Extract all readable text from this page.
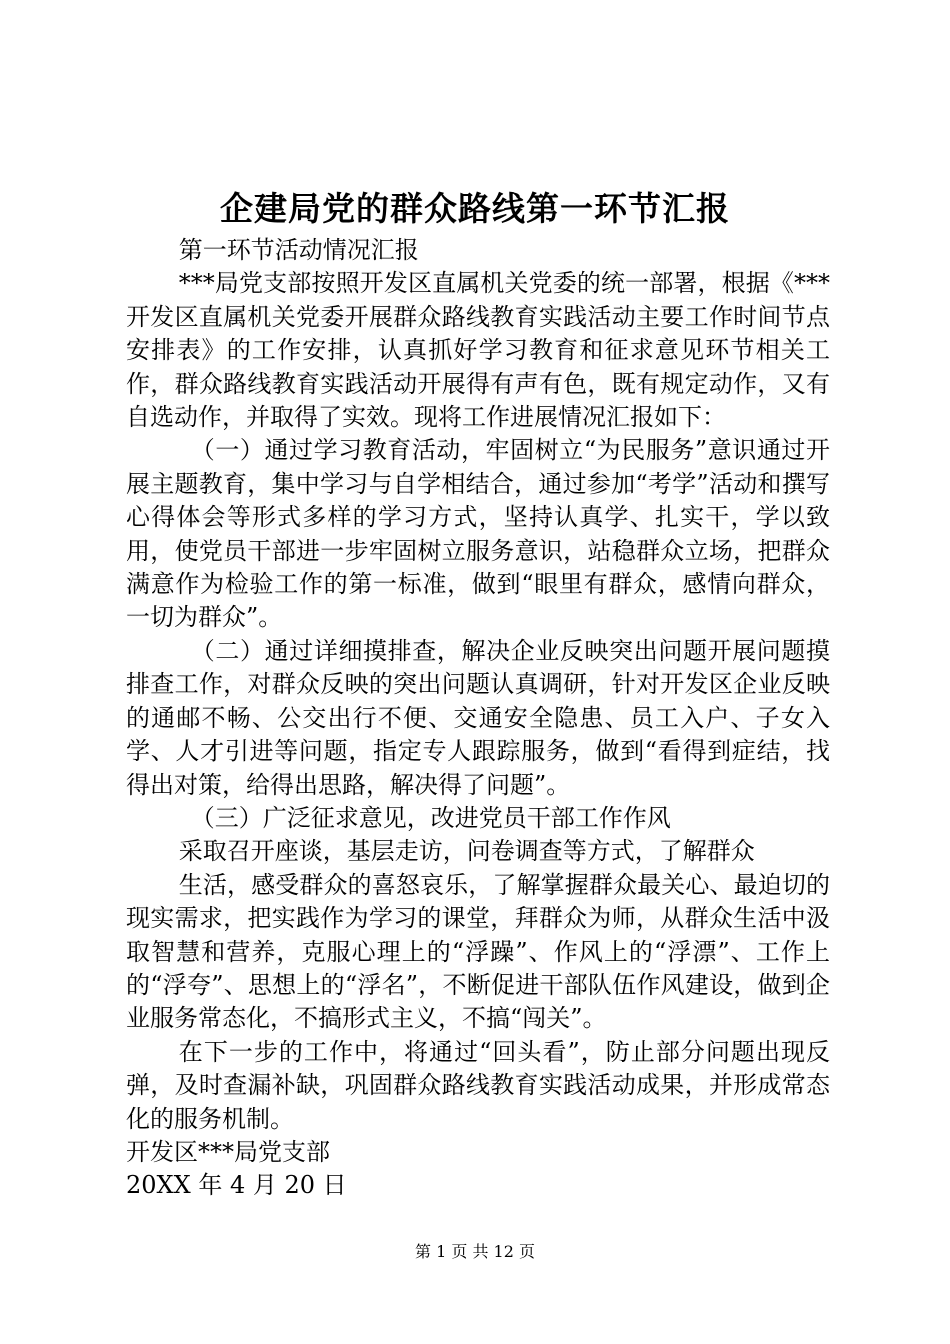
企建局党的群众路线第一环节汇报

第一环节活动情况汇报

***局党支部按照开发区直属机关党委的统一部署，根据《***开发区直属机关党委开展群众路线教育实践活动主要工作时间节点安排表》的工作安排，认真抓好学习教育和征求意见环节相关工作，群众路线教育实践活动开展得有声有色，既有规定动作，又有自选动作，并取得了实效。现将工作进展情况汇报如下：

（一）通过学习教育活动，牢固树立“为民服务”意识通过开展主题教育，集中学习与自学相结合，通过参加“考学”活动和撰写心得体会等形式多样的学习方式，坚持认真学、扎实干，学以致用，使党员干部进一步牢固树立服务意识，站稳群众立场，把群众满意作为检验工作的第一标准，做到“眼里有群众，感情向群众，一切为群众”。

（二）通过详细摸排查，解决企业反映突出问题开展问题摸排查工作，对群众反映的突出问题认真调研，针对开发区企业反映的通邮不畅、公交出行不便、交通安全隐患、员工入户、子女入学、人才引进等问题，指定专人跟踪服务，做到“看得到症结，找得出对策，给得出思路，解决得了问题”。

（三）广泛征求意见，改进党员干部工作作风

采取召开座谈，基层走访，问卷调查等方式，了解群众

生活，感受群众的喜怒哀乐，了解掌握群众最关心、最迫切的现实需求，把实践作为学习的课堂，拜群众为师，从群众生活中汲取智慧和营养，克服心理上的“浮躁”、作风上的“浮漂”、工作上的“浮夸”、思想上的“浮名”，不断促进干部队伍作风建设，做到企业服务常态化，不搞形式主义，不搞“闯关”。

在下一步的工作中，将通过“回头看”，防止部分问题出现反弹，及时查漏补缺，巩固群众路线教育实践活动成果，并形成常态化的服务机制。

开发区***局党支部

20XX 年 4 月 20 日

第 1 页 共 12 页
